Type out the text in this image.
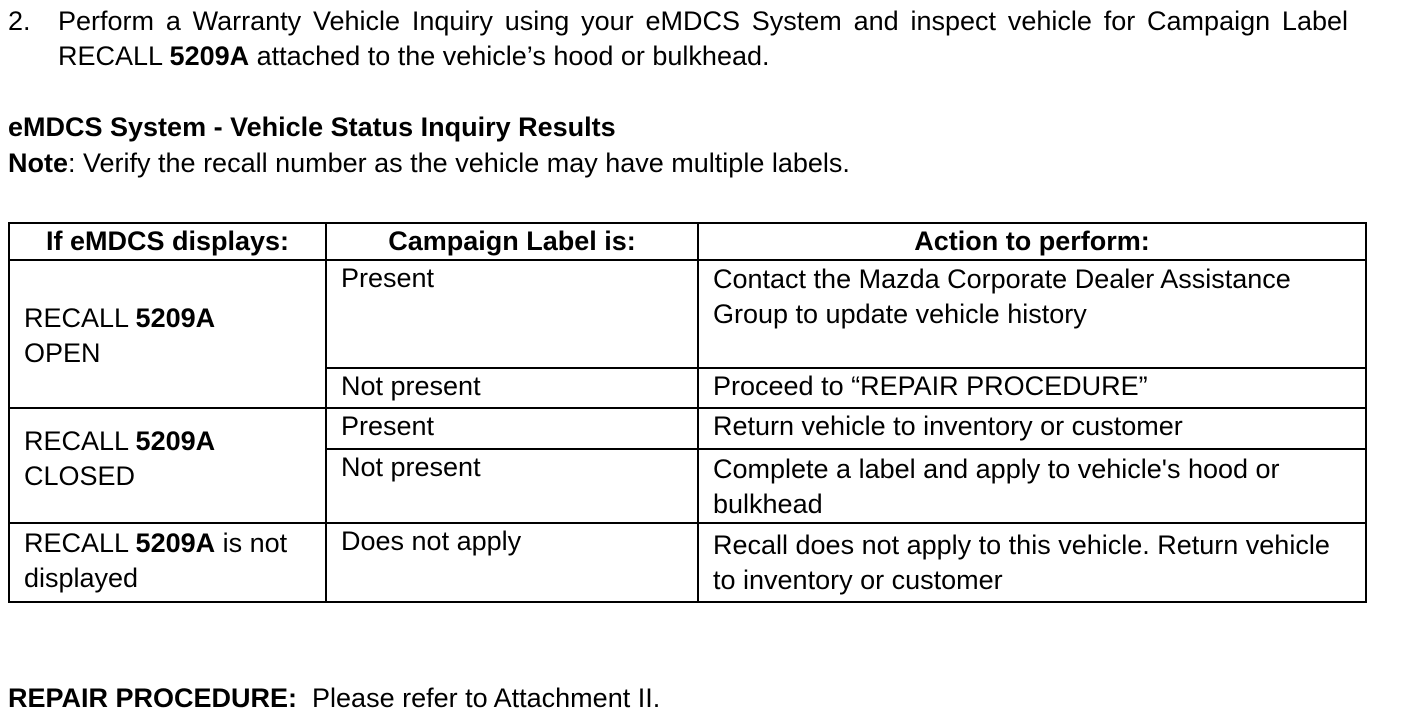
2. Perform a Warranty Vehicle Inquiry using your eMDCS System and inspect vehicle for Campaign Label RECALL 5209A attached to the vehicle’s hood or bulkhead.
eMDCS System - Vehicle Status Inquiry Results
Note: Verify the recall number as the vehicle may have multiple labels.
If eMDCS displays:	Campaign Label is:	Action to perform:
RECALL 5209A
OPEN	Present	Contact the Mazda Corporate Dealer Assistance Group to update vehicle history
	Not present	Proceed to “REPAIR PROCEDURE”
RECALL 5209A
CLOSED	Present	Return vehicle to inventory or customer
	Not present	Complete a label and apply to vehicle's hood or bulkhead
RECALL 5209A is not displayed	Does not apply	Recall does not apply to this vehicle. Return vehicle to inventory or customer
REPAIR PROCEDURE:  Please refer to Attachment II.
